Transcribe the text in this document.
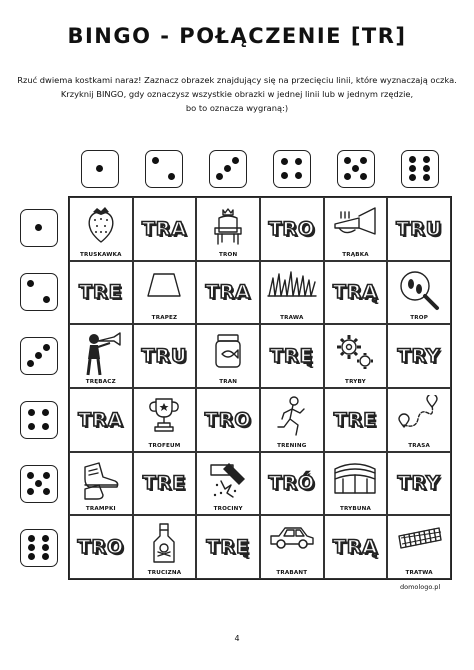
BINGO - POŁĄCZENIE [TR]
Rzuć dwiema kostkami naraz! Zaznacz obrazek znajdujący się na przecięciu linii, które wyznaczają oczka.
Krzyknij BINGO, gdy oznaczysz wszystkie obrazki w jednej linii lub w jednym rzędzie,
bo to oznacza wygraną:)
TRUSKAWKA
TRA
TRON
TRO
TRĄBKA
TRU
TRE
TRAPEZ
TRA
TRAWA
TRĄ
TROP
TRĘBACZ
TRU
TRAN
TRĘ
TRYBY
TRY
TRA
TROFEUM
TRO
TRENING
TRE
TRASA
TRAMPKI
TRE
TROCINY
TRÓ
TRYBUNA
TRY
TRO
TRUCIZNA
TRĘ
TRABANT
TRĄ
TRATWA
domologo.pl
4
